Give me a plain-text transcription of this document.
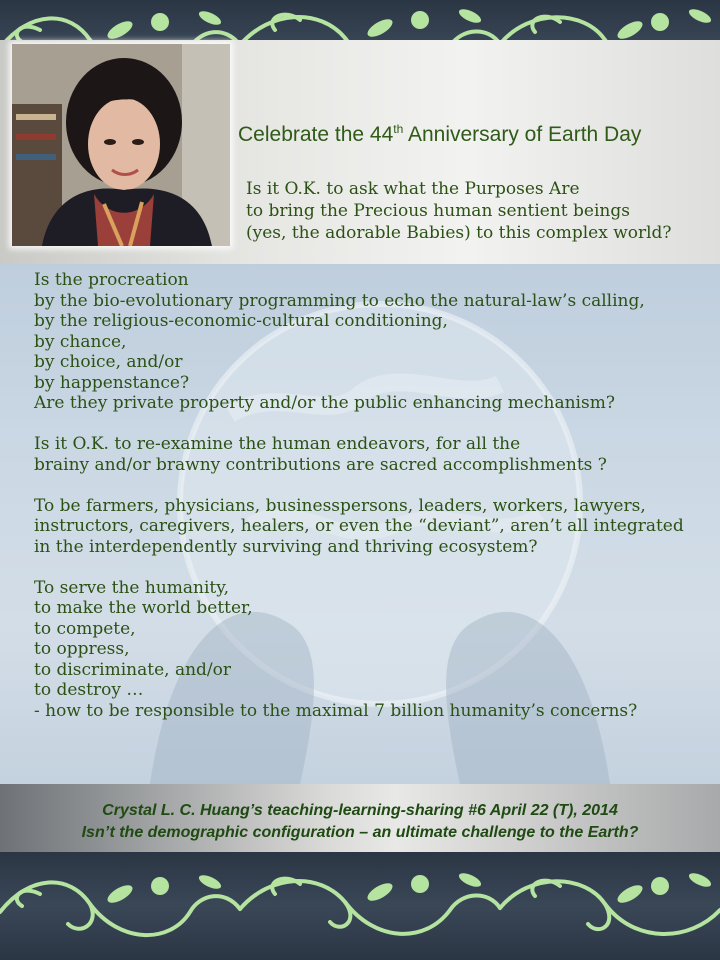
Celebrate the 44th Anniversary of Earth Day
Is it O.K. to ask what the Purposes Are
to bring the Precious human sentient beings
(yes, the adorable Babies) to this complex world?
Is the procreation
by the bio-evolutionary programming to echo the natural-law’s calling,
by the religious-economic-cultural conditioning,
by chance,
by choice, and/or
by happenstance?
Are they private property and/or the public enhancing mechanism?
Is it O.K. to re-examine the human endeavors, for all the
brainy and/or brawny contributions are sacred accomplishments ?
To be farmers, physicians, businesspersons, leaders, workers, lawyers,
instructors, caregivers, healers, or even the “deviant”, aren’t all integrated
in the interdependently surviving and thriving ecosystem?
To serve the humanity,
to make the world better,
to compete,
to oppress,
to discriminate, and/or
to destroy …
- how to be responsible to the maximal 7 billion humanity’s concerns?
Crystal L. C. Huang’s teaching-learning-sharing #6 April 22 (T), 2014
Isn’t the demographic configuration – an ultimate challenge to the Earth?
